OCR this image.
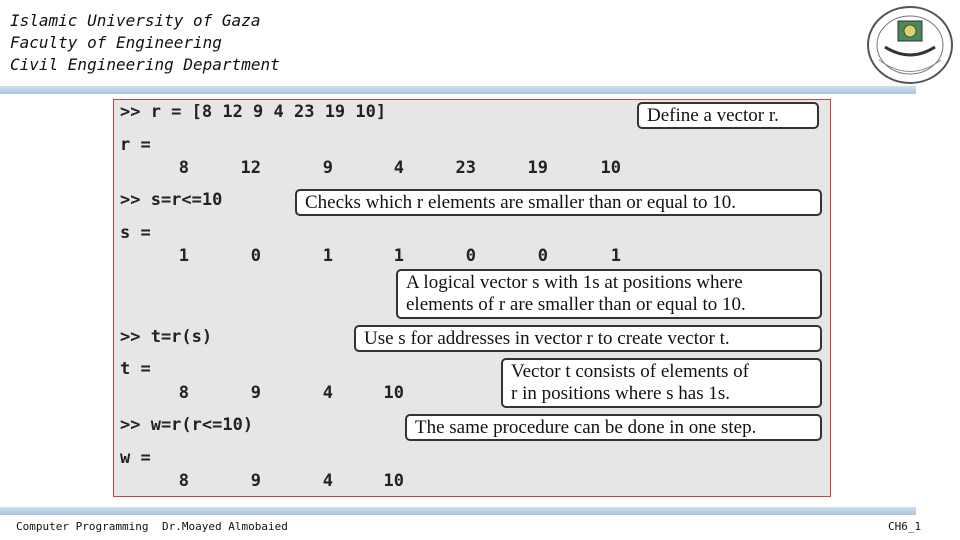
Islamic University of Gaza
Faculty of Engineering
Civil Engineering Department
>> r = [8 12 9 4 23 19 10]
r =
8	12	9	4	23	19	10
>> s=r<=10
s =
1	0	1	1	0	0	1
>> t=r(s)
t =
8	9	4	10
>> w=r(r<=10)
w =
8	9	4	10
Define a vector r.
Checks which r elements are smaller than or equal to 10.
A logical vector s with 1s at positions where
elements of r are smaller than or equal to 10.
Use s for addresses in vector r to create vector t.
Vector t consists of elements of
r in positions where s has 1s.
The same procedure can be done in one step.
Computer Programming Dr.Moayed Almobaied	CH6_1
